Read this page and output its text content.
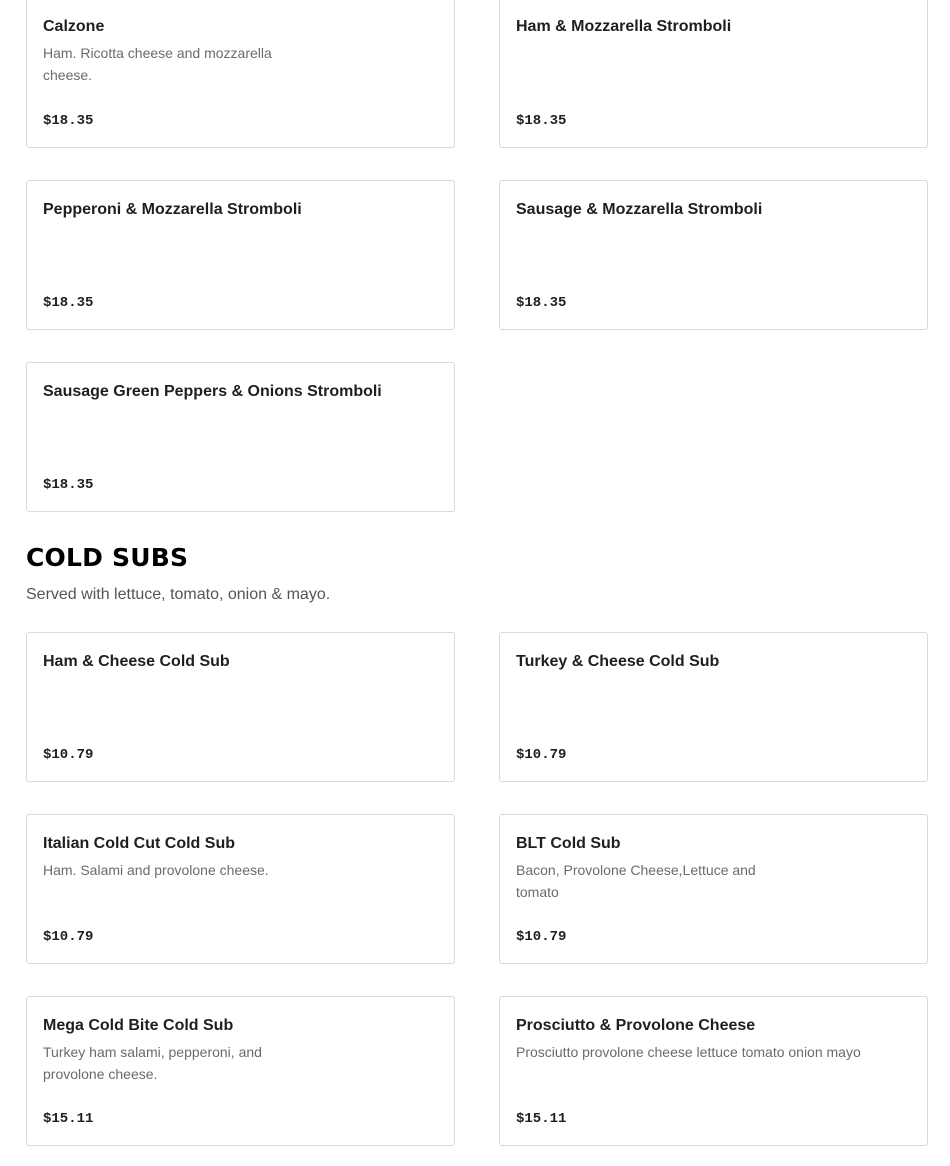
Calzone
Ham. Ricotta cheese and mozzarella cheese.
$18.35
Ham & Mozzarella Stromboli
$18.35
Pepperoni & Mozzarella Stromboli
$18.35
Sausage & Mozzarella Stromboli
$18.35
Sausage Green Peppers & Onions Stromboli
$18.35
COLD SUBS
Served with lettuce, tomato, onion & mayo.
Ham & Cheese Cold Sub
$10.79
Turkey & Cheese Cold Sub
$10.79
Italian Cold Cut Cold Sub
Ham. Salami and provolone cheese.
$10.79
BLT Cold Sub
Bacon, Provolone Cheese,Lettuce and tomato
$10.79
Mega Cold Bite Cold Sub
Turkey ham salami, pepperoni, and provolone cheese.
$15.11
Prosciutto & Provolone Cheese
Prosciutto provolone cheese lettuce tomato onion mayo
$15.11
